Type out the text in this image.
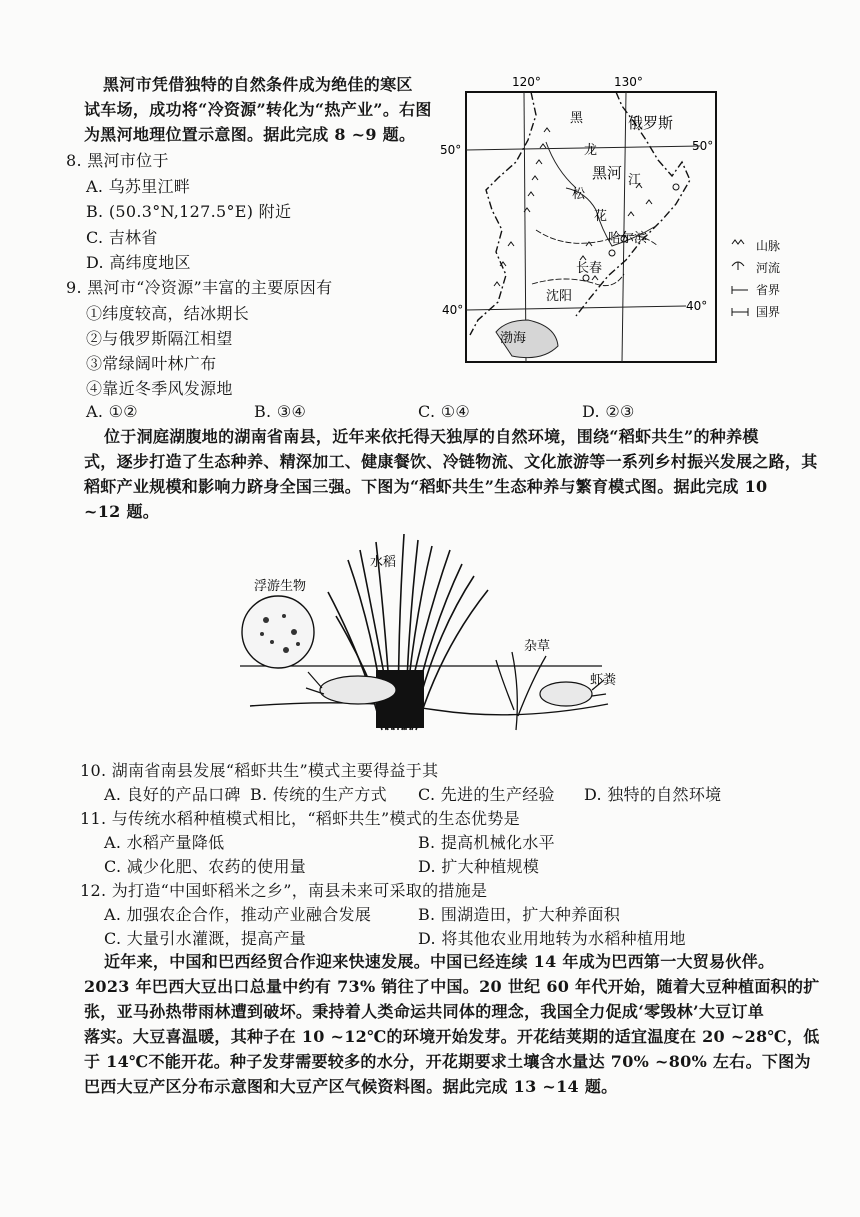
黑河市凭借独特的自然条件成为绝佳的寒区
试车场，成功将“冷资源”转化为“热产业”。右图
为黑河地理位置示意图。据此完成 8 ~9 题。
8. 黑河市位于
A. 乌苏里江畔
B. (50.3°N,127.5°E) 附近
C. 吉林省
D. 高纬度地区
9. 黑河市“冷资源”丰富的主要原因有
①纬度较高，结冰期长
②与俄罗斯隔江相望
③常绿阔叶林广布
④靠近冬季风发源地
A. ①②	B. ③④	C. ①④	D. ②③
120°	130°
50°	50°
40°	40°
俄罗斯
黑
龙
江
黑河
松
花
哈尔滨
长春
沈阳
渤海
山脉
河流
省界
国界
位于洞庭湖腹地的湖南省南县，近年来依托得天独厚的自然环境，围绕“稻虾共生”的种养模
式，逐步打造了生态种养、精深加工、健康餐饮、冷链物流、文化旅游等一系列乡村振兴发展之路，其
稻虾产业规模和影响力跻身全国三强。下图为“稻虾共生”生态种养与繁育模式图。据此完成 10
~12 题。
水稻
浮游生物
杂草
虾粪
10. 湖南省南县发展“稻虾共生”模式主要得益于其
A. 良好的产品口碑 B. 传统的生产方式 C. 先进的生产经验 D. 独特的自然环境
11. 与传统水稻种植模式相比，“稻虾共生”模式的生态优势是
A. 水稻产量降低	B. 提高机械化水平
C. 减少化肥、农药的使用量	D. 扩大种植规模
12. 为打造“中国虾稻米之乡”，南县未来可采取的措施是
A. 加强农企合作，推动产业融合发展	B. 围湖造田，扩大种养面积
C. 大量引水灌溉，提高产量	D. 将其他农业用地转为水稻种植用地
近年来，中国和巴西经贸合作迎来快速发展。中国已经连续 14 年成为巴西第一大贸易伙伴。
2023 年巴西大豆出口总量中约有 73% 销往了中国。20 世纪 60 年代开始，随着大豆种植面积的扩
张，亚马孙热带雨林遭到破坏。秉持着人类命运共同体的理念，我国全力促成‘零毁林’大豆订单
落实。大豆喜温暖，其种子在 10 ~12℃的环境开始发芽。开花结荚期的适宜温度在 20 ~28℃，低
于 14℃不能开花。种子发芽需要较多的水分，开花期要求土壤含水量达 70% ~80% 左右。下图为
巴西大豆产区分布示意图和大豆产区气候资料图。据此完成 13 ~14 题。
